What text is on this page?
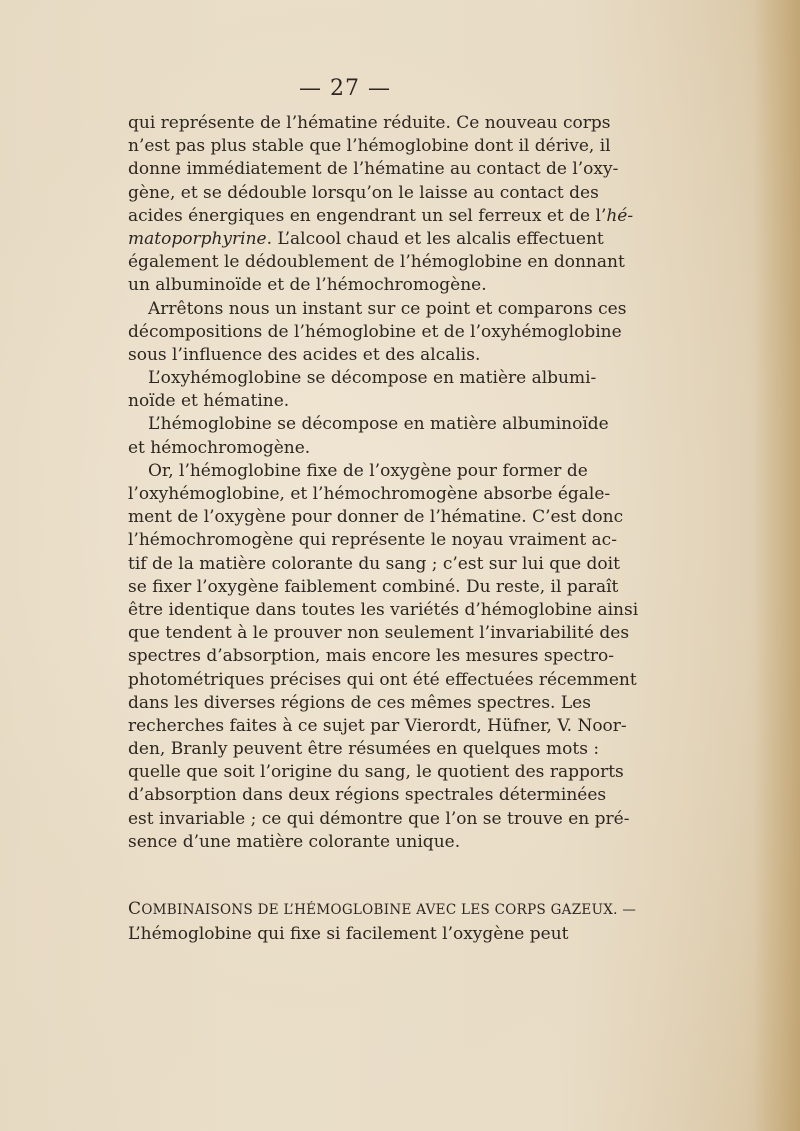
— 27 —
qui représente de l’hématine réduite. Ce nouveau corps
n’est pas plus stable que l’hémoglobine dont il dérive, il
donne immédiatement de l’hématine au contact de l’oxy-
gène, et se dédouble lorsqu’on le laisse au contact des
acides énergiques en engendrant un sel ferreux et de l’hé-
matoporphyrine. L’alcool chaud et les alcalis effectuent
également le dédoublement de l’hémoglobine en donnant
un albuminoïde et de l’hémochromogène.
Arrêtons nous un instant sur ce point et comparons ces
décompositions de l’hémoglobine et de l’oxyhémoglobine
sous l’influence des acides et des alcalis.
L’oxyhémoglobine se décompose en matière albumi-
noïde et hématine.
L’hémoglobine se décompose en matière albuminoïde
et hémochromogène.
Or, l’hémoglobine fixe de l’oxygène pour former de
l’oxyhémoglobine, et l’hémochromogène absorbe égale-
ment de l’oxygène pour donner de l’hématine. C’est donc
l’hémochromogène qui représente le noyau vraiment ac-
tif de la matière colorante du sang ; c’est sur lui que doit
se fixer l’oxygène faiblement combiné. Du reste, il paraît
être identique dans toutes les variétés d’hémoglobine ainsi
que tendent à le prouver non seulement l’invariabilité des
spectres d’absorption, mais encore les mesures spectro-
photométriques précises qui ont été effectuées récemment
dans les diverses régions de ces mêmes spectres. Les
recherches faites à ce sujet par Vierordt, Hüfner, V. Noor-
den, Branly peuvent être résumées en quelques mots :
quelle que soit l’origine du sang, le quotient des rapports
d’absorption dans deux régions spectrales déterminées
est invariable ; ce qui démontre que l’on se trouve en pré-
sence d’une matière colorante unique.
COMBINAISONS DE L’HÉMOGLOBINE AVEC LES CORPS GAZEUX. —
L’hémoglobine qui fixe si facilement l’oxygène peut
